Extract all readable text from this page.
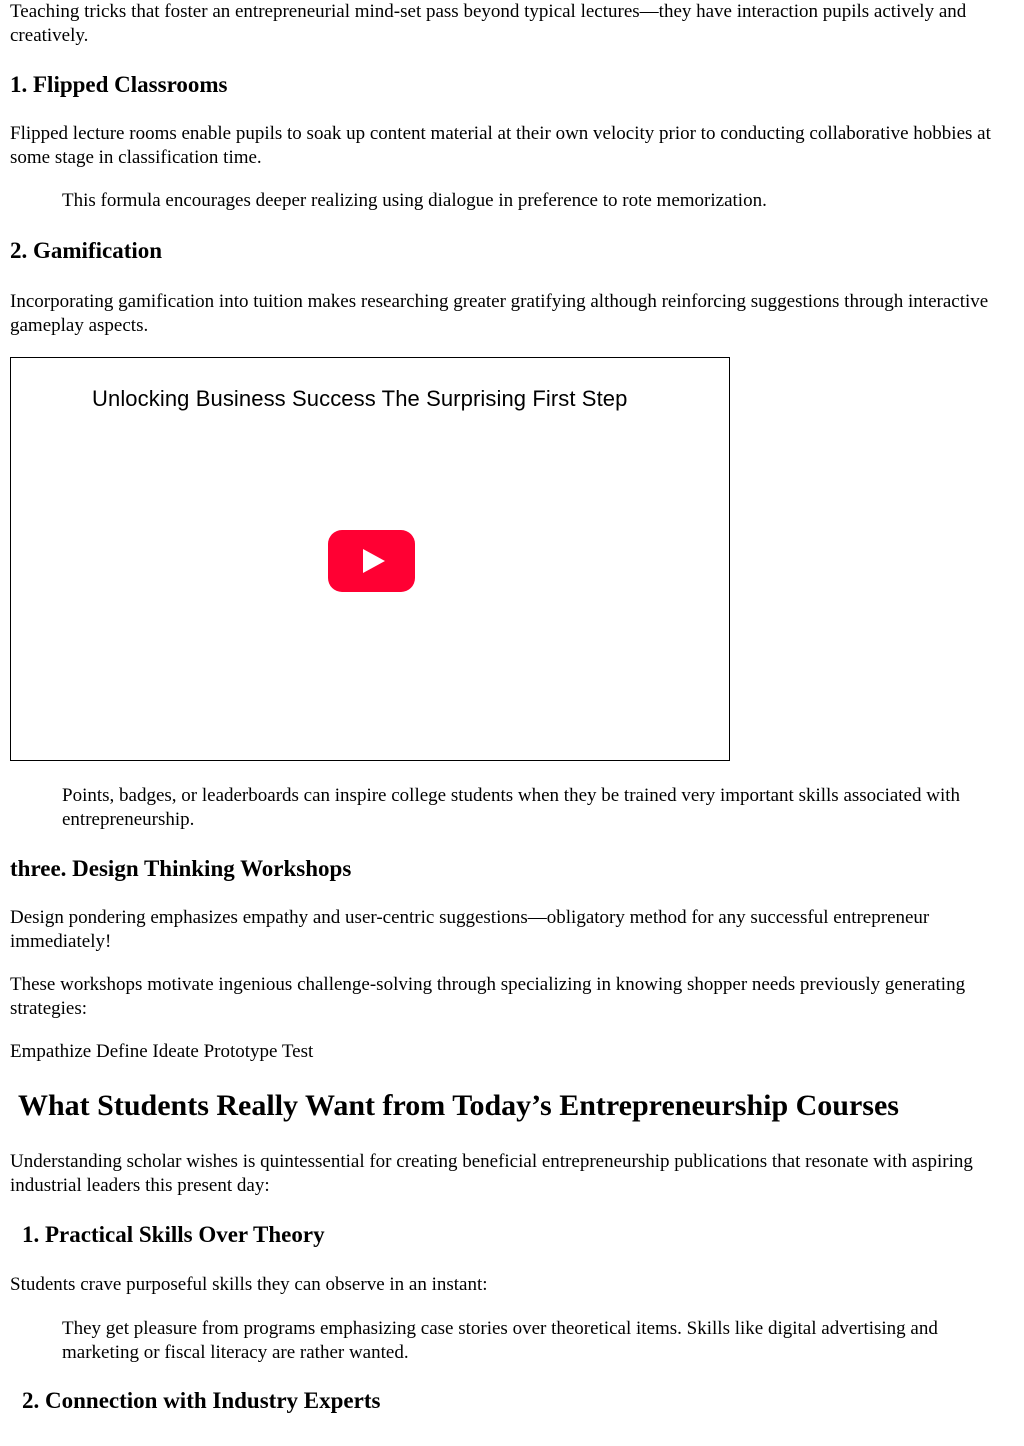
Teaching tricks that foster an entrepreneurial mind-set pass beyond typical lectures—they have interaction pupils actively and creatively.

1. Flipped Classrooms

Flipped lecture rooms enable pupils to soak up content material at their own velocity prior to conducting collaborative hobbies at some stage in classification time.

This formula encourages deeper realizing using dialogue in preference to rote memorization.

2. Gamification

Incorporating gamification into tuition makes researching greater gratifying although reinforcing suggestions through interactive gameplay aspects.

Unlocking Business Success The Surprising First Step

Points, badges, or leaderboards can inspire college students when they be trained very important skills associated with entrepreneurship.

three. Design Thinking Workshops

Design pondering emphasizes empathy and user-centric suggestions—obligatory method for any successful entrepreneur immediately!

These workshops motivate ingenious challenge-solving through specializing in knowing shopper needs previously generating strategies:

Empathize Define Ideate Prototype Test

What Students Really Want from Today’s Entrepreneurship Courses

Understanding scholar wishes is quintessential for creating beneficial entrepreneurship publications that resonate with aspiring industrial leaders this present day:

1. Practical Skills Over Theory

Students crave purposeful skills they can observe in an instant:

They get pleasure from programs emphasizing case stories over theoretical items. Skills like digital advertising and marketing or fiscal literacy are rather wanted.

2. Connection with Industry Experts
